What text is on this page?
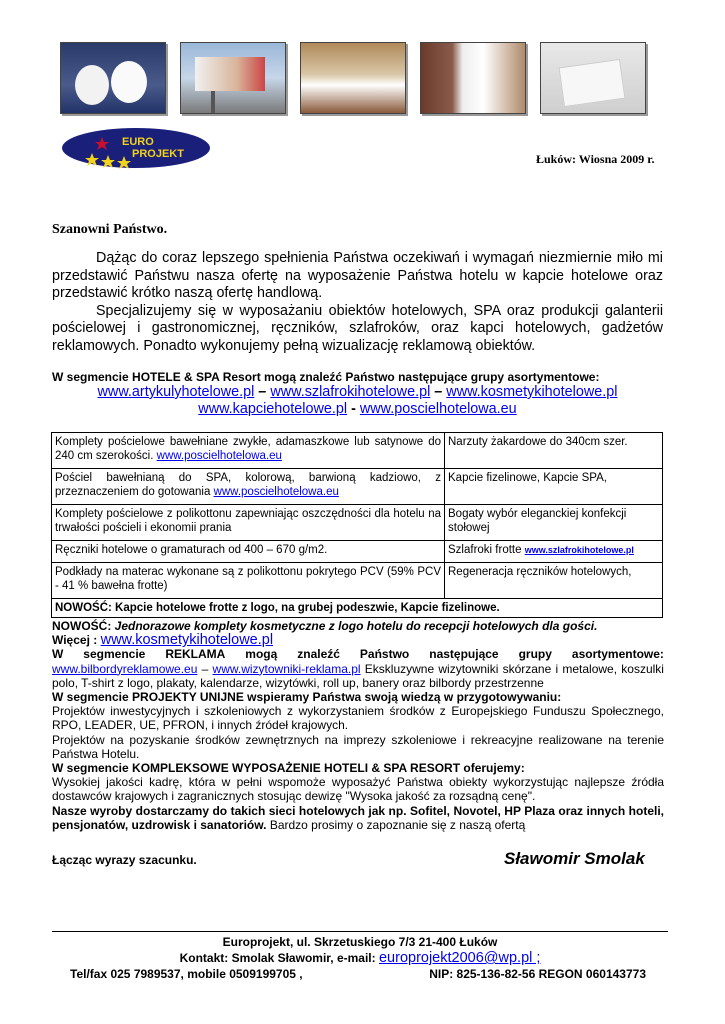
EURO
PROJEKT	Łuków: Wiosna 2009 r.
Szanowni Państwo.

Dążąc do coraz lepszego spełnienia Państwa oczekiwań i wymagań niezmiernie miło mi przedstawić Państwu nasza ofertę na wyposażenie Państwa hotelu w kapcie hotelowe oraz przedstawić krótko naszą ofertę handlową.

Specjalizujemy się w wyposażaniu obiektów hotelowych, SPA oraz produkcji galanterii pościelowej i gastronomicznej, ręczników, szlafroków, oraz kapci hotelowych, gadżetów reklamowych. Ponadto wykonujemy pełną wizualizację reklamową obiektów.

W segmencie HOTELE & SPA Resort mogą znaleźć Państwo następujące grupy asortymentowe:
www.artykulyhotelowe.pl – www.szlafrokihotelowe.pl – www.kosmetykihotelowe.pl
www.kapciehotelowe.pl - www.poscielhotelowa.eu
Komplety pościelowe bawełniane zwykłe, adamaszkowe lub satynowe do 240 cm szerokości. www.poscielhotelowa.eu	Narzuty żakardowe do 340cm szer.
Pościel bawełnianą do SPA, kolorową, barwioną kadziowo, z przeznaczeniem do gotowania www.poscielhotelowa.eu	Kapcie fizelinowe, Kapcie SPA,
Komplety pościelowe z polikottonu zapewniając oszczędności dla hotelu na trwałości pościeli i ekonomii prania	Bogaty wybór eleganckiej konfekcji stołowej
Ręczniki hotelowe o gramaturach od 400 – 670 g/m2.	Szlafroki frotte www.szlafrokihotelowe.pl
Podkłady na materac wykonane są z polikottonu pokrytego PCV (59% PCV - 41 % bawełna frotte)	Regeneracja ręczników hotelowych,
NOWOŚĆ: Kapcie hotelowe frotte z logo, na grubej podeszwie, Kapcie fizelinowe.	

NOWOŚĆ: Jednorazowe komplety kosmetyczne z logo hotelu do recepcji hotelowych dla gości.

Więcej : www.kosmetykihotelowe.pl

W segmencie REKLAMA mogą znaleźć Państwo następujące grupy asortymentowe:

www.bilbordyreklamowe.eu – www.wizytowniki-reklama.pl Ekskluzywne wizytowniki skórzane i metalowe, koszulki polo, T-shirt z logo, plakaty, kalendarze, wizytówki, roll up, banery oraz bilbordy przestrzenne

W segmencie PROJEKTY UNIJNE wspieramy Państwa swoją wiedzą w przygotowywaniu:

Projektów inwestycyjnych i szkoleniowych z wykorzystaniem środków z Europejskiego Funduszu Społecznego, RPO, LEADER, UE, PFRON, i innych źródeł krajowych.

Projektów na pozyskanie środków zewnętrznych na imprezy szkoleniowe i rekreacyjne realizowane na terenie Państwa Hotelu.

W segmencie KOMPLEKSOWE WYPOSAŻENIE HOTELI & SPA RESORT oferujemy:

Wysokiej jakości kadrę, która w pełni wspomoże wyposażyć Państwa obiekty wykorzystując najlepsze źródła dostawców krajowych i zagranicznych stosując dewizę "Wysoka jakość za rozsądną cenę".

Nasze wyroby dostarczamy do takich sieci hotelowych jak np. Sofitel, Novotel, HP Plaza oraz innych hoteli, pensjonatów, uzdrowisk i sanatoriów. Bardzo prosimy o zapoznanie się z naszą ofertą

Łącząc wyrazy szacunku.	Sławomir Smolak
Europrojekt, ul. Skrzetuskiego 7/3 21-400 Łuków
Kontakt: Smolak Sławomir, e-mail: europrojekt2006@wp.pl ;
Tel/fax 025 7989537, mobile 0509199705 ,	NIP: 825-136-82-56 REGON 060143773
